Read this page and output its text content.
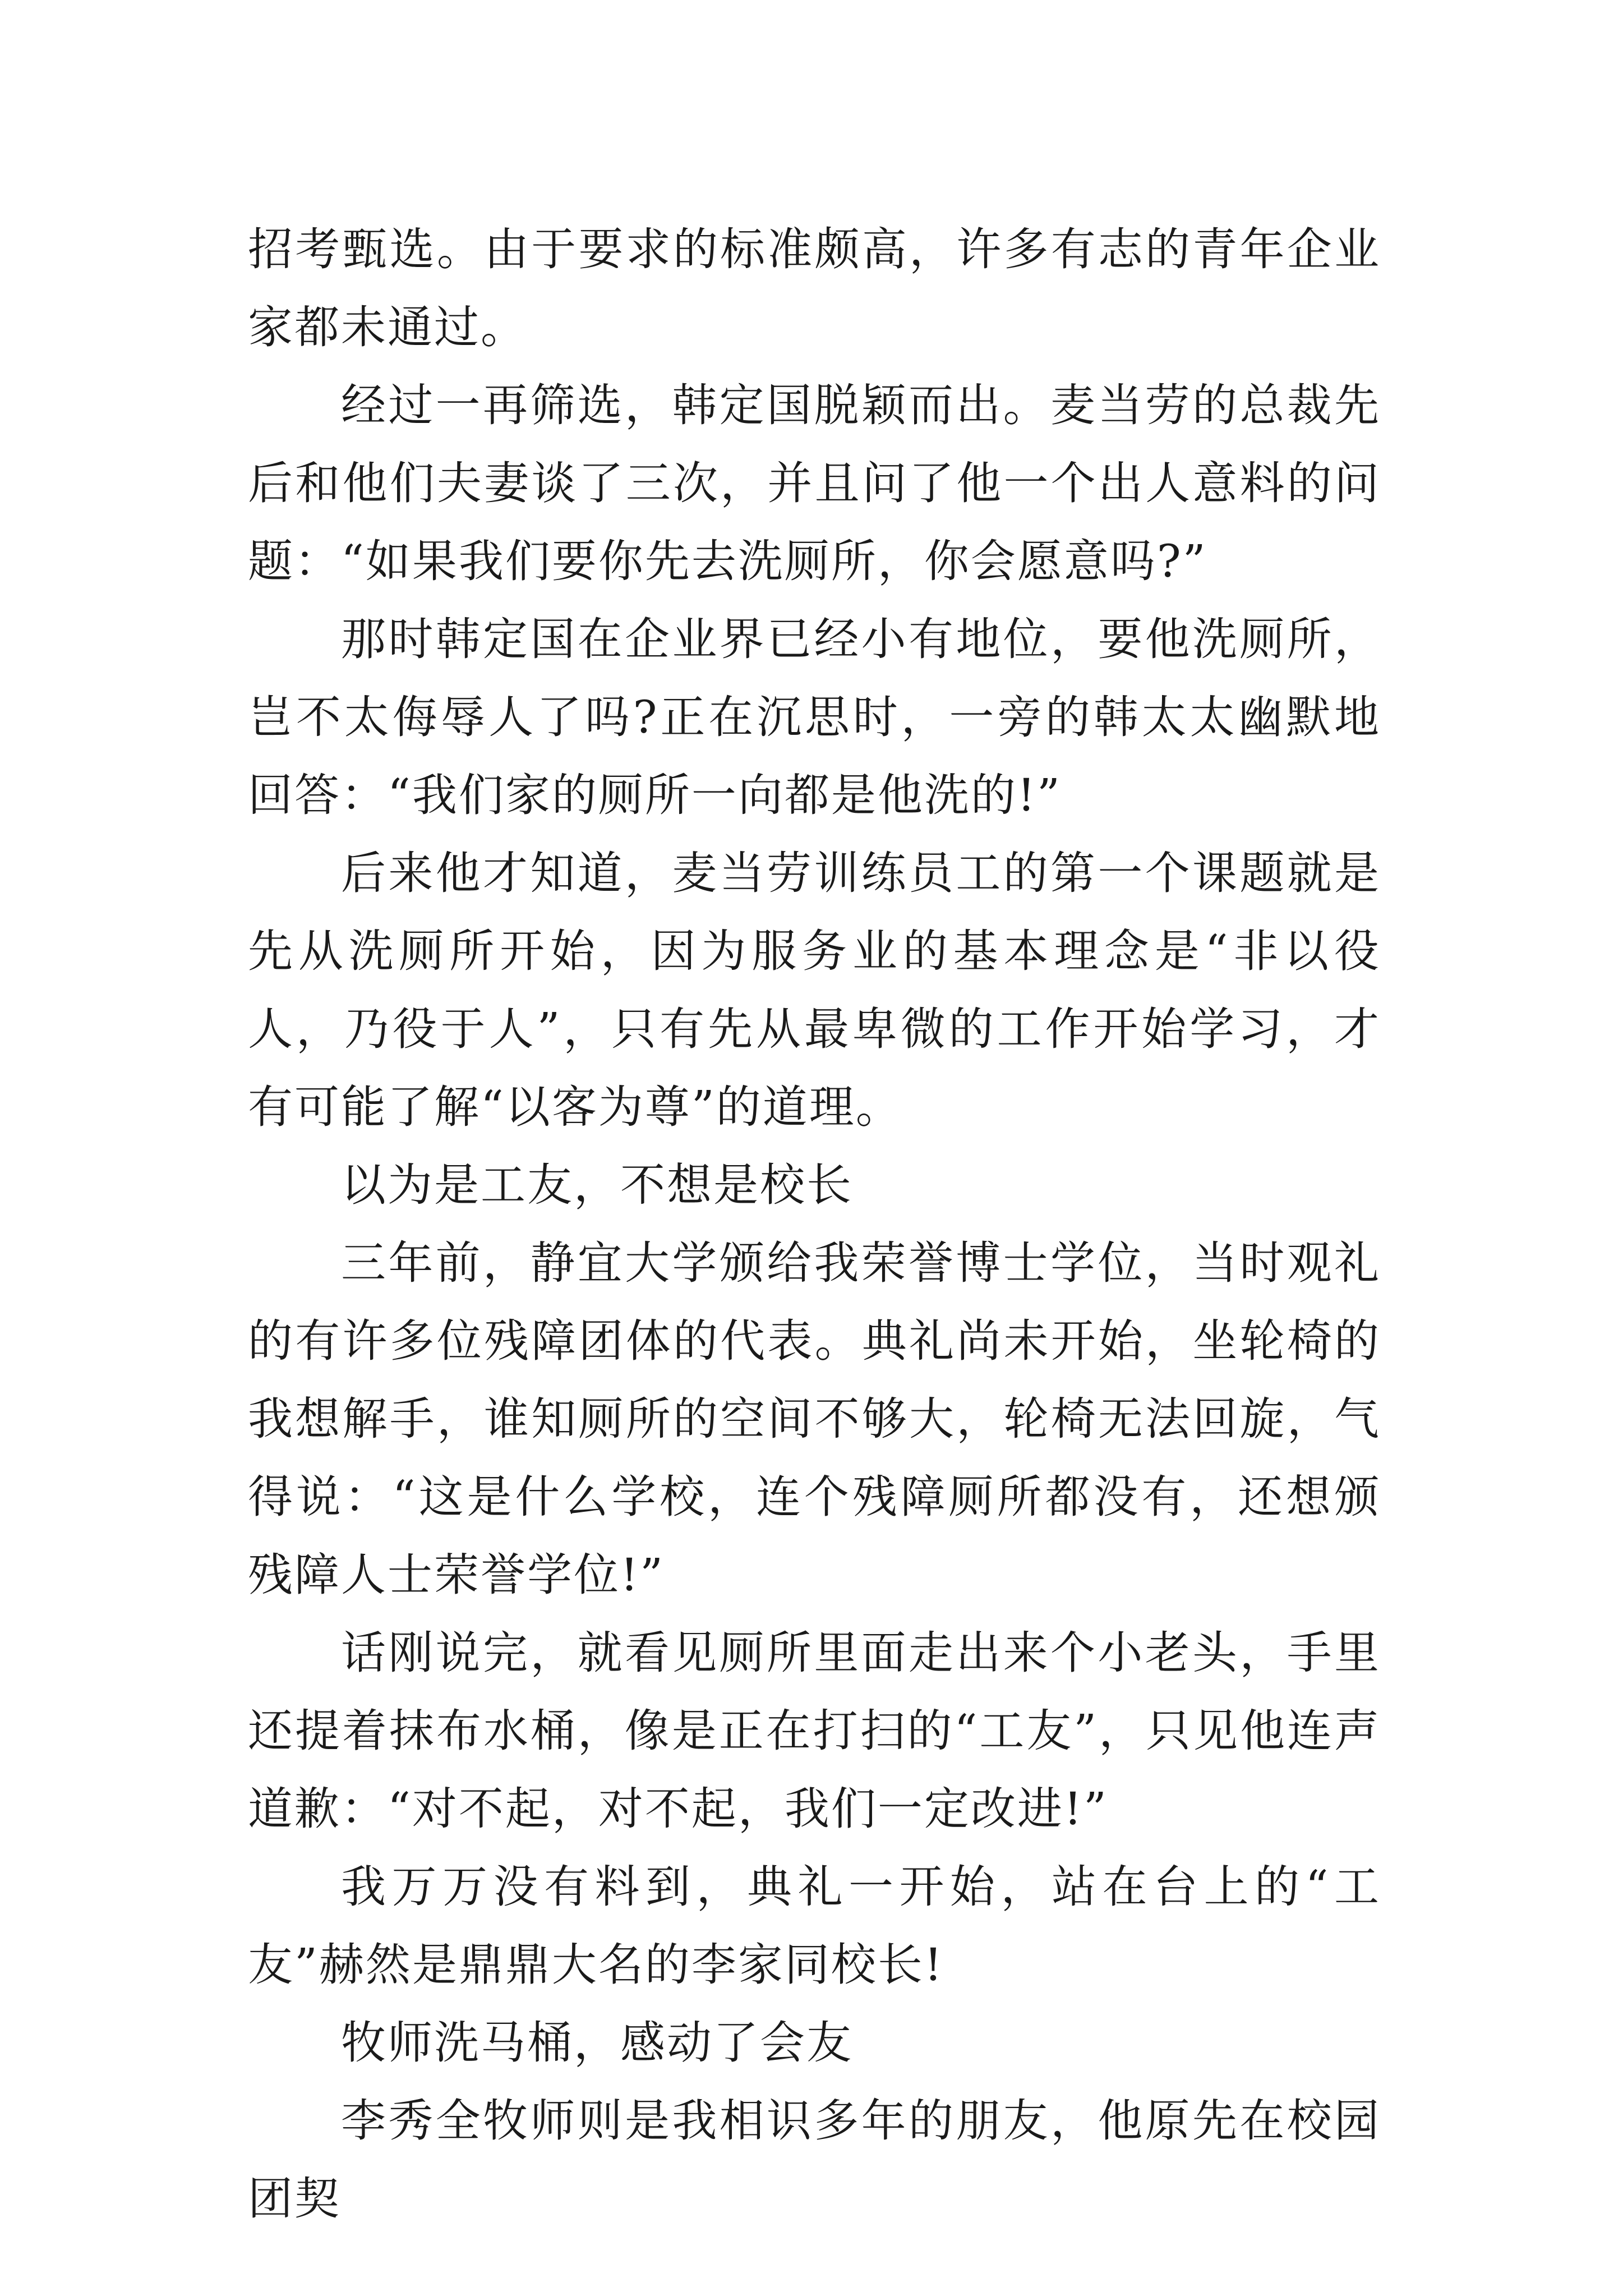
招考甄选。由于要求的标准颇高，许多有志的青年企业家都未通过。

经过一再筛选，韩定国脱颖而出。麦当劳的总裁先后和他们夫妻谈了三次，并且问了他一个出人意料的问题：“如果我们要你先去洗厕所，你会愿意吗?”

那时韩定国在企业界已经小有地位，要他洗厕所，岂不太侮辱人了吗?正在沉思时，一旁的韩太太幽默地回答：“我们家的厕所一向都是他洗的!”

后来他才知道，麦当劳训练员工的第一个课题就是先从洗厕所开始，因为服务业的基本理念是“非以役人，乃役于人”，只有先从最卑微的工作开始学习，才有可能了解“以客为尊”的道理。

以为是工友，不想是校长

三年前，静宜大学颁给我荣誉博士学位，当时观礼的有许多位残障团体的代表。典礼尚未开始，坐轮椅的我想解手，谁知厕所的空间不够大，轮椅无法回旋，气得说：“这是什么学校，连个残障厕所都没有，还想颁残障人士荣誉学位!”

话刚说完，就看见厕所里面走出来个小老头，手里还提着抹布水桶，像是正在打扫的“工友”，只见他连声道歉：“对不起，对不起，我们一定改进!”

我万万没有料到，典礼一开始，站在台上的“工友”赫然是鼎鼎大名的李家同校长!

牧师洗马桶，感动了会友

李秀全牧师则是我相识多年的朋友，他原先在校园团契
